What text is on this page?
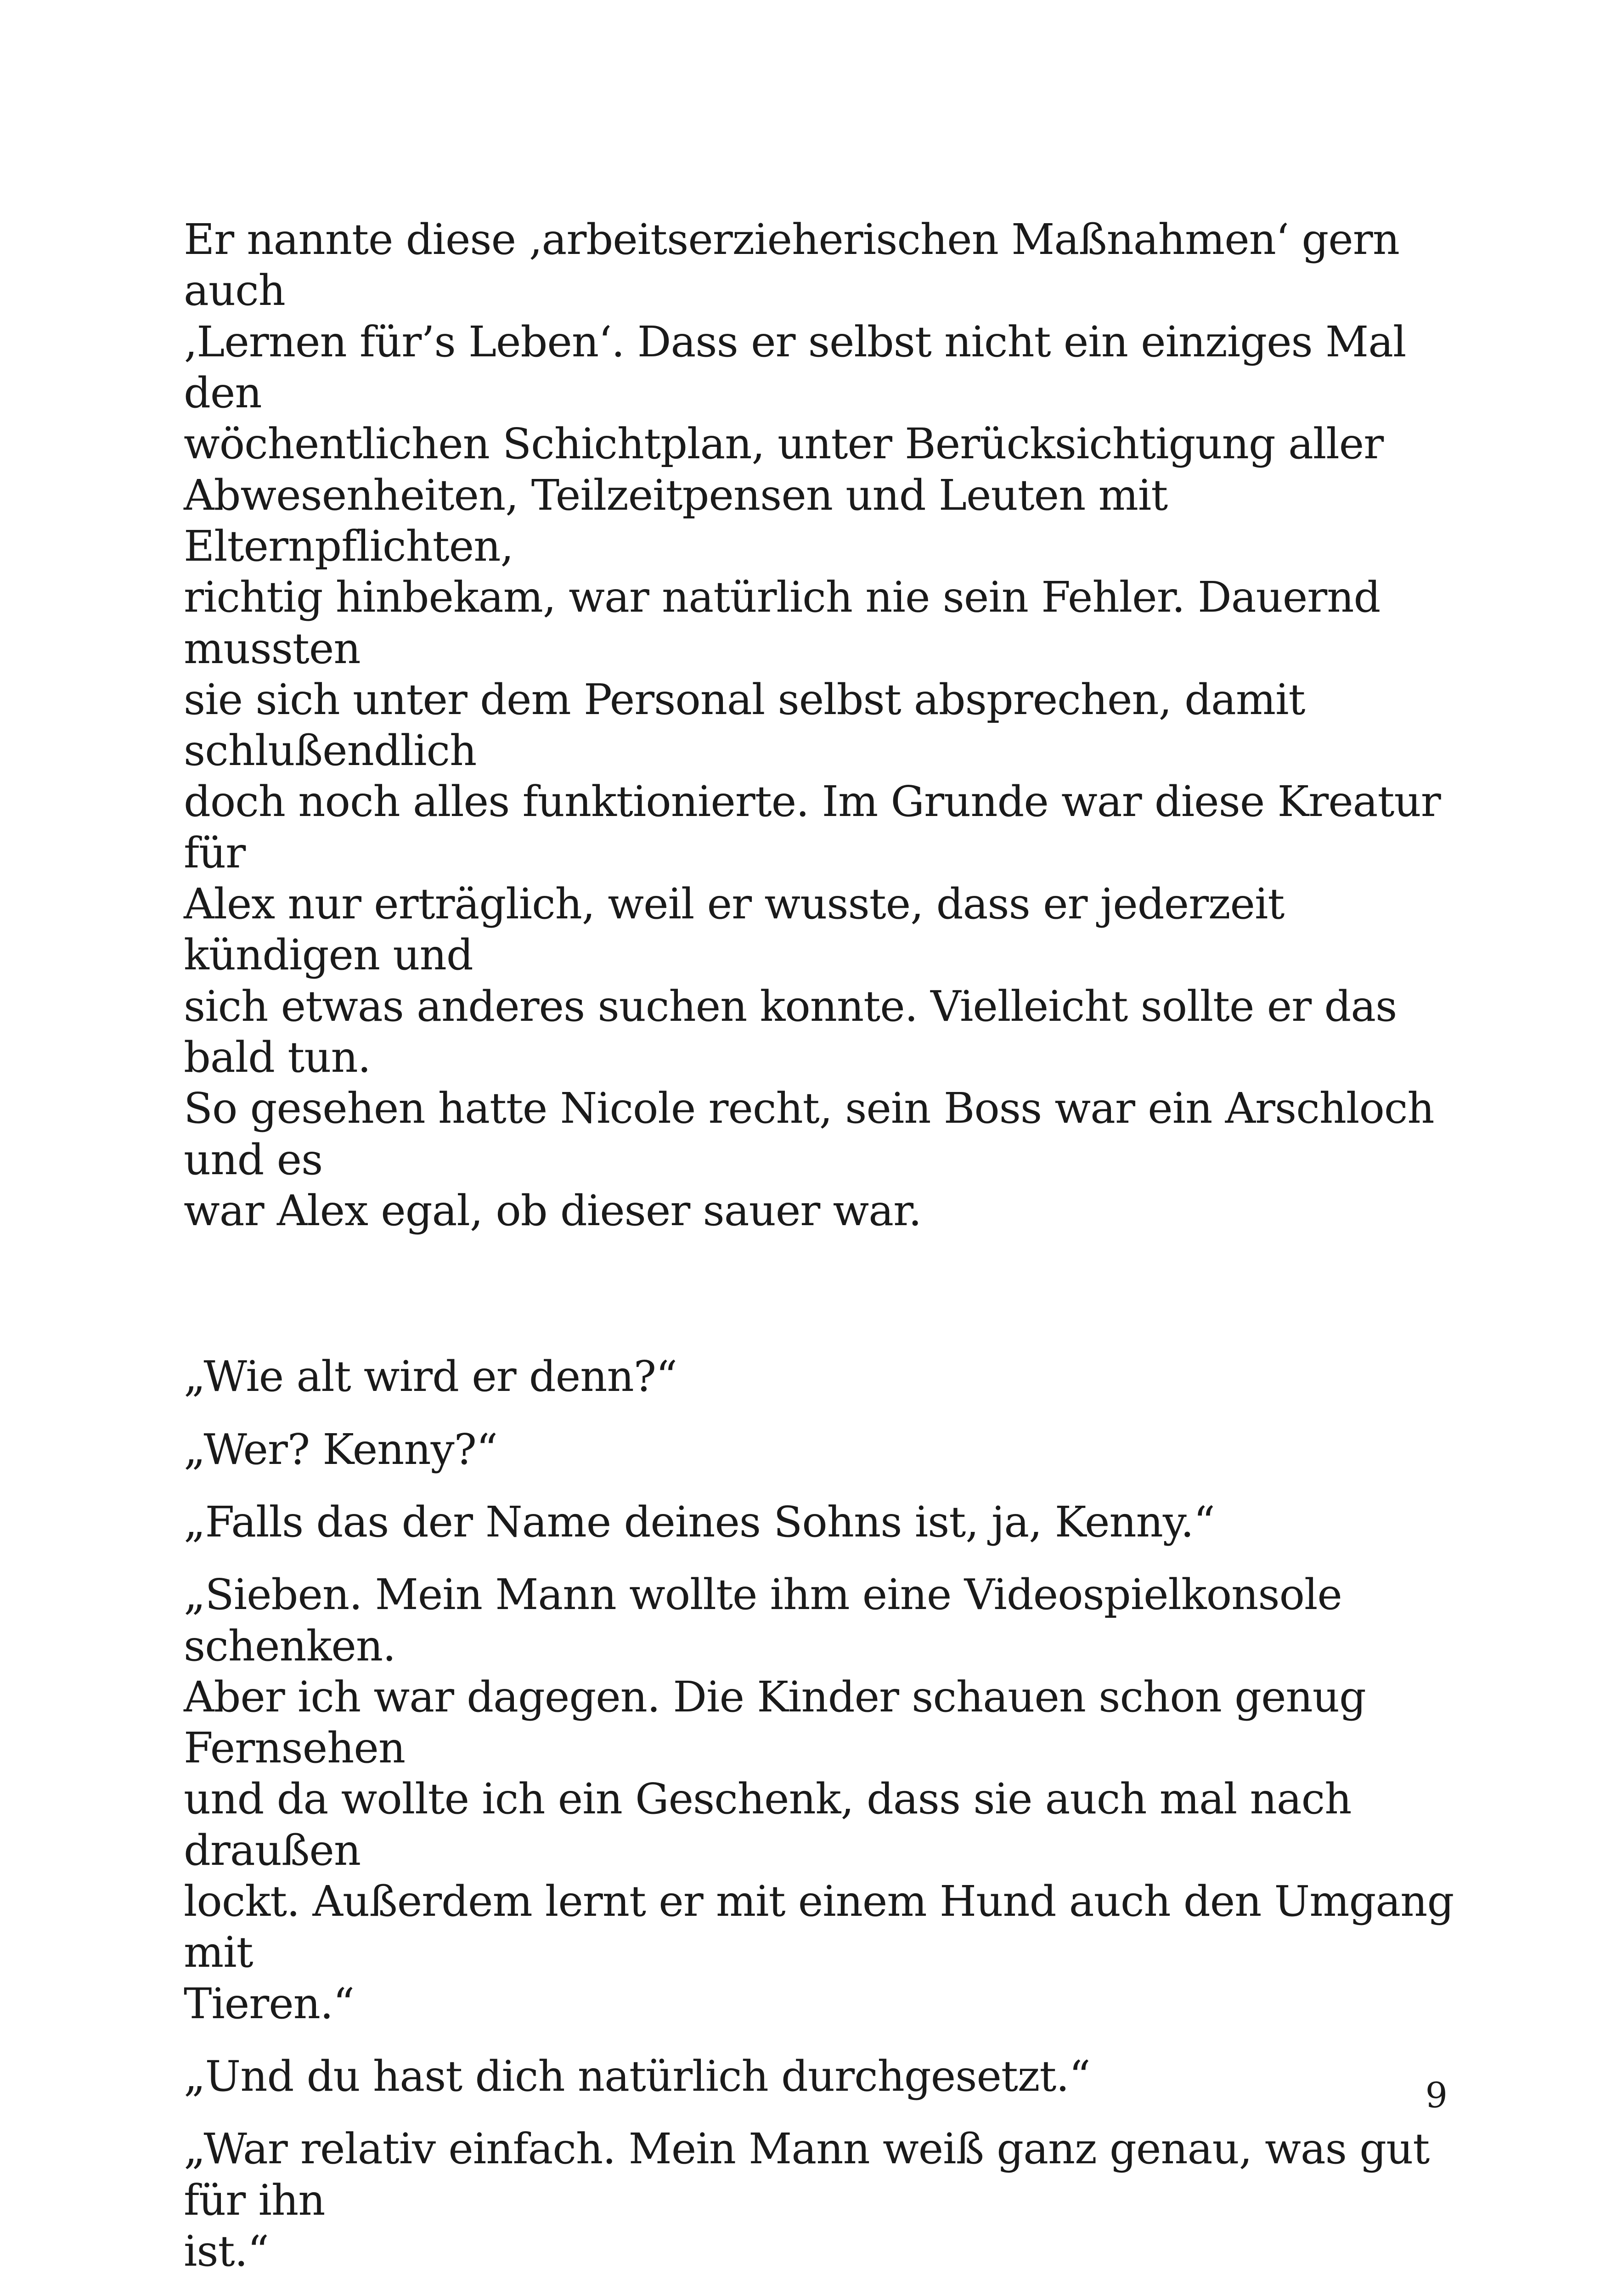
Er nannte diese ‚arbeitserzieherischen Maßnahmen‘ gern auch
‚Lernen für’s Leben‘. Dass er selbst nicht ein einziges Mal den
wöchentlichen Schichtplan, unter Berücksichtigung aller
Abwesenheiten, Teilzeitpensen und Leuten mit Elternpflichten,
richtig hinbekam, war natürlich nie sein Fehler. Dauernd mussten
sie sich unter dem Personal selbst absprechen, damit schlußendlich
doch noch alles funktionierte. Im Grunde war diese Kreatur für
Alex nur erträglich, weil er wusste, dass er jederzeit kündigen und
sich etwas anderes suchen konnte. Vielleicht sollte er das bald tun.
So gesehen hatte Nicole recht, sein Boss war ein Arschloch und es
war Alex egal, ob dieser sauer war.

„Wie alt wird er denn?“

„Wer? Kenny?“

„Falls das der Name deines Sohns ist, ja, Kenny.“

„Sieben. Mein Mann wollte ihm eine Videospielkonsole schenken.
Aber ich war dagegen. Die Kinder schauen schon genug Fernsehen
und da wollte ich ein Geschenk, dass sie auch mal nach draußen
lockt. Außerdem lernt er mit einem Hund auch den Umgang mit
Tieren.“

„Und du hast dich natürlich durchgesetzt.“

„War relativ einfach. Mein Mann weiß ganz genau, was gut für ihn
ist.“

9
